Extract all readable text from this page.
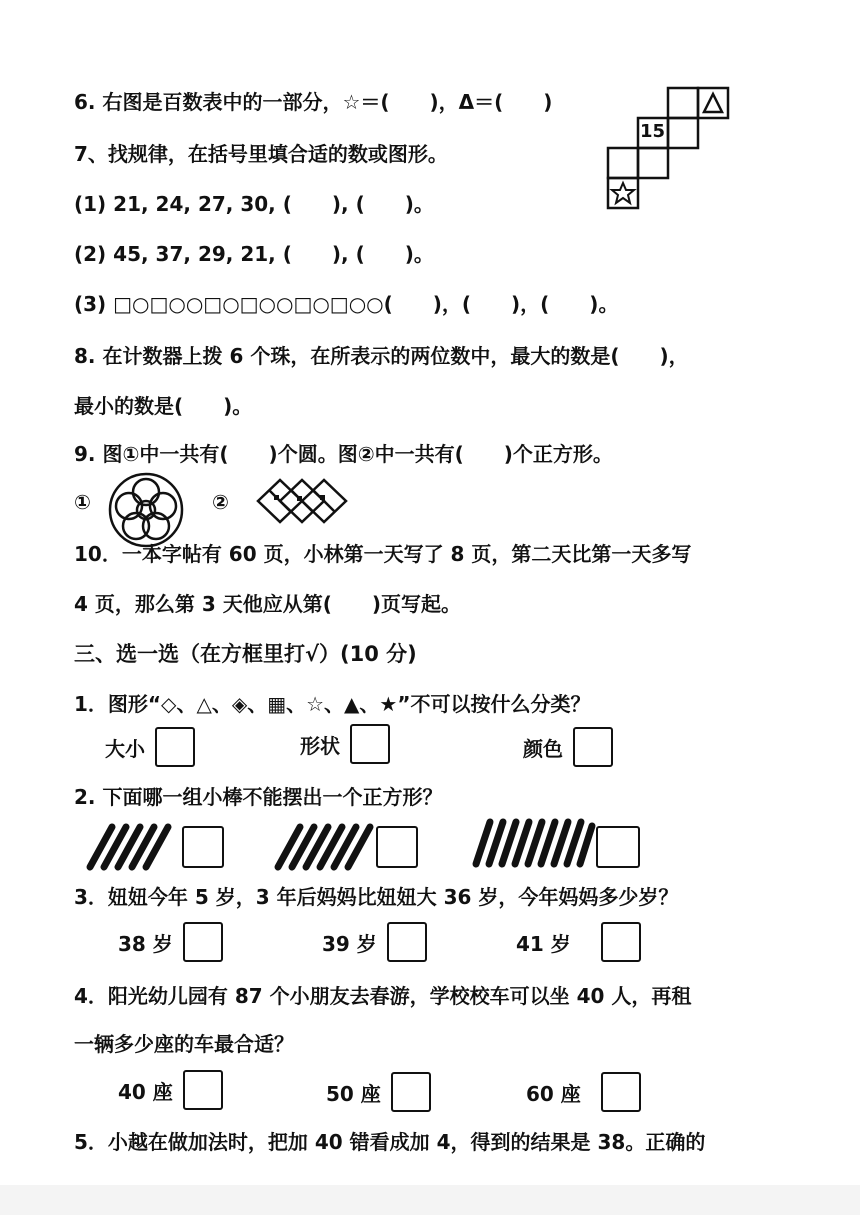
6. 右图是百数表中的一部分，☆＝(　　)，Δ＝(　　)
15
7、找规律，在括号里填合适的数或图形。
(1) 21, 24, 27, 30, (　　), (　　)。
(2) 45, 37, 29, 21, (　　), (　　)。
(3) □○□○○□○□○○□○□○○(　　)，(　　)，(　　)。
8. 在计数器上拨 6 个珠，在所表示的两位数中，最大的数是(　　)，
最小的数是(　　)。
9. 图①中一共有(　　)个圆。图②中一共有(　　)个正方形。
①	②
10．一本字帖有 60 页，小林第一天写了 8 页，第二天比第一天多写
4 页，那么第 3 天他应从第(　　)页写起。
三、选一选（在方框里打√）(10 分)
1．图形“◇、△、◈、▦、☆、▲、★”不可以按什么分类？
大小	形状	颜色
2. 下面哪一组小棒不能摆出一个正方形？
3．妞妞今年 5 岁，3 年后妈妈比妞妞大 36 岁，今年妈妈多少岁？
38 岁	39 岁	41 岁
4．阳光幼儿园有 87 个小朋友去春游，学校校车可以坐 40 人，再租
一辆多少座的车最合适？
40 座	50 座	60 座
5．小越在做加法时，把加 40 错看成加 4，得到的结果是 38。正确的
